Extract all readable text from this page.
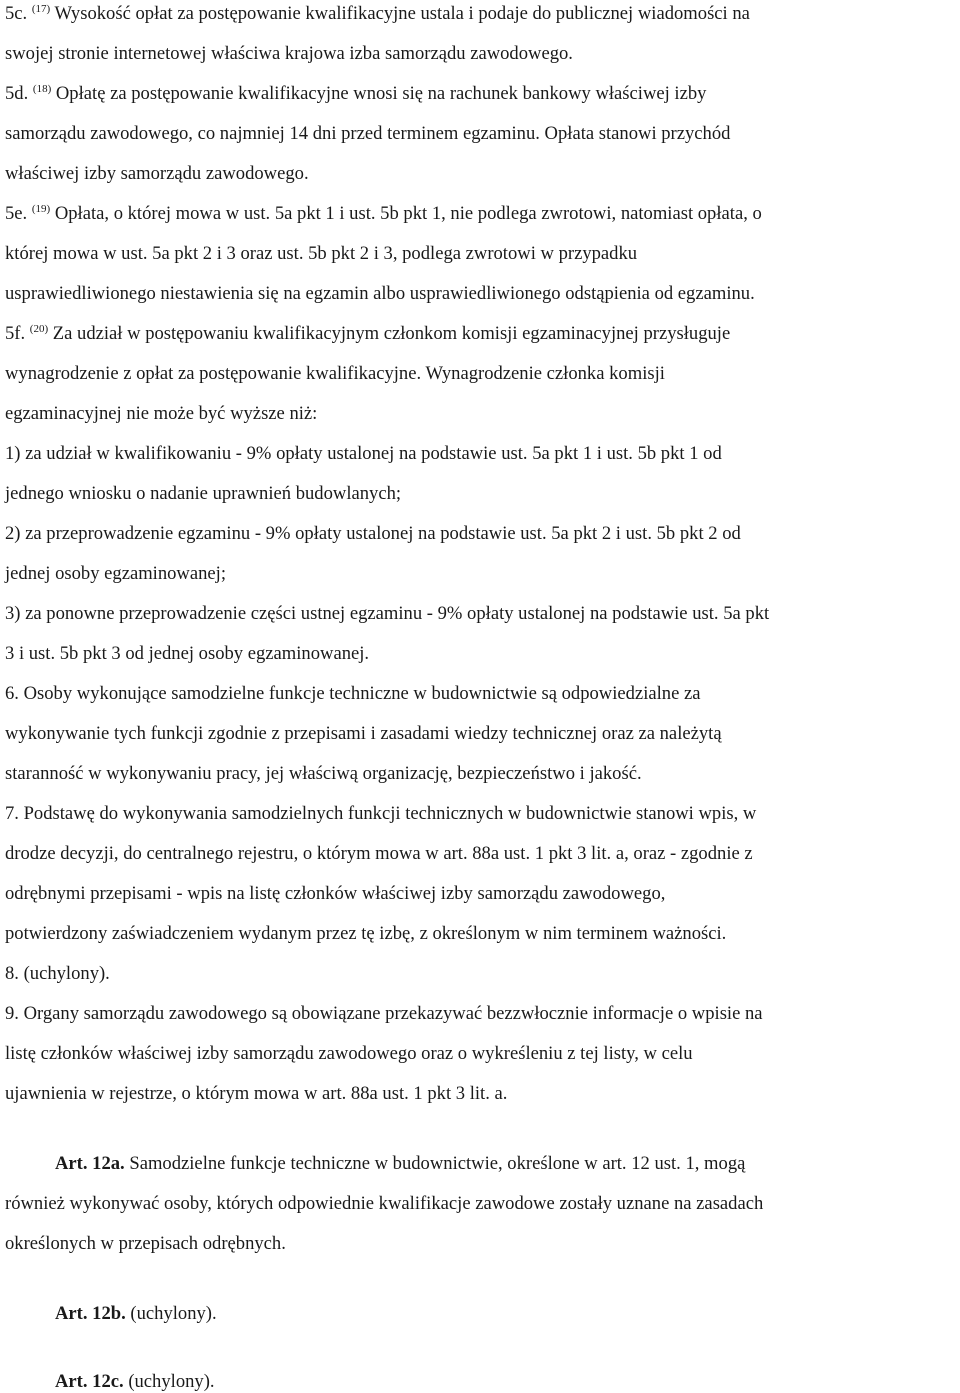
5c. $^{(17)}$ Wysokość opłat za postępowanie kwalifikacyjne ustala i podaje do publicznej wiadomości na
swojej stronie internetowej właściwa krajowa izba samorządu zawodowego.
5d. $^{(18)}$ Opłatę za postępowanie kwalifikacyjne wnosi się na rachunek bankowy właściwej izby
samorządu zawodowego, co najmniej 14 dni przed terminem egzaminu. Opłata stanowi przychód
właściwej izby samorządu zawodowego.
5e. $^{(19)}$ Opłata, o której mowa w ust. 5a pkt 1 i ust. 5b pkt 1, nie podlega zwrotowi, natomiast opłata, o
której mowa w ust. 5a pkt 2 i 3 oraz ust. 5b pkt 2 i 3, podlega zwrotowi w przypadku
usprawiedliwionego niestawienia się na egzamin albo usprawiedliwionego odstąpienia od egzaminu.
5f. $^{(20)}$ Za udział w postępowaniu kwalifikacyjnym członkom komisji egzaminacyjnej przysługuje
wynagrodzenie z opłat za postępowanie kwalifikacyjne. Wynagrodzenie członka komisji
egzaminacyjnej nie może być wyższe niż:
1) za udział w kwalifikowaniu - 9% opłaty ustalonej na podstawie ust. 5a pkt 1 i ust. 5b pkt 1 od
jednego wniosku o nadanie uprawnień budowlanych;
2) za przeprowadzenie egzaminu - 9% opłaty ustalonej na podstawie ust. 5a pkt 2 i ust. 5b pkt 2 od
jednej osoby egzaminowanej;
3) za ponowne przeprowadzenie części ustnej egzaminu - 9% opłaty ustalonej na podstawie ust. 5a pkt
3 i ust. 5b pkt 3 od jednej osoby egzaminowanej.
6. Osoby wykonujące samodzielne funkcje techniczne w budownictwie są odpowiedzialne za
wykonywanie tych funkcji zgodnie z przepisami i zasadami wiedzy technicznej oraz za należytą
staranność w wykonywaniu pracy, jej właściwą organizację, bezpieczeństwo i jakość.
7. Podstawę do wykonywania samodzielnych funkcji technicznych w budownictwie stanowi wpis, w
drodze decyzji, do centralnego rejestru, o którym mowa w art. 88a ust. 1 pkt 3 lit. a, oraz - zgodnie z
odrębnymi przepisami - wpis na listę członków właściwej izby samorządu zawodowego,
potwierdzony zaświadczeniem wydanym przez tę izbę, z określonym w nim terminem ważności.
8. (uchylony).
9. Organy samorządu zawodowego są obowiązane przekazywać bezzwłocznie informacje o wpisie na
listę członków właściwej izby samorządu zawodowego oraz o wykreśleniu z tej listy, w celu
ujawnienia w rejestrze, o którym mowa w art. 88a ust. 1 pkt 3 lit. a.
Art. 12a. Samodzielne funkcje techniczne w budownictwie, określone w art. 12 ust. 1, mogą
również wykonywać osoby, których odpowiednie kwalifikacje zawodowe zostały uznane na zasadach
określonych w przepisach odrębnych.
Art. 12b. (uchylony).
Art. 12c. (uchylony).
